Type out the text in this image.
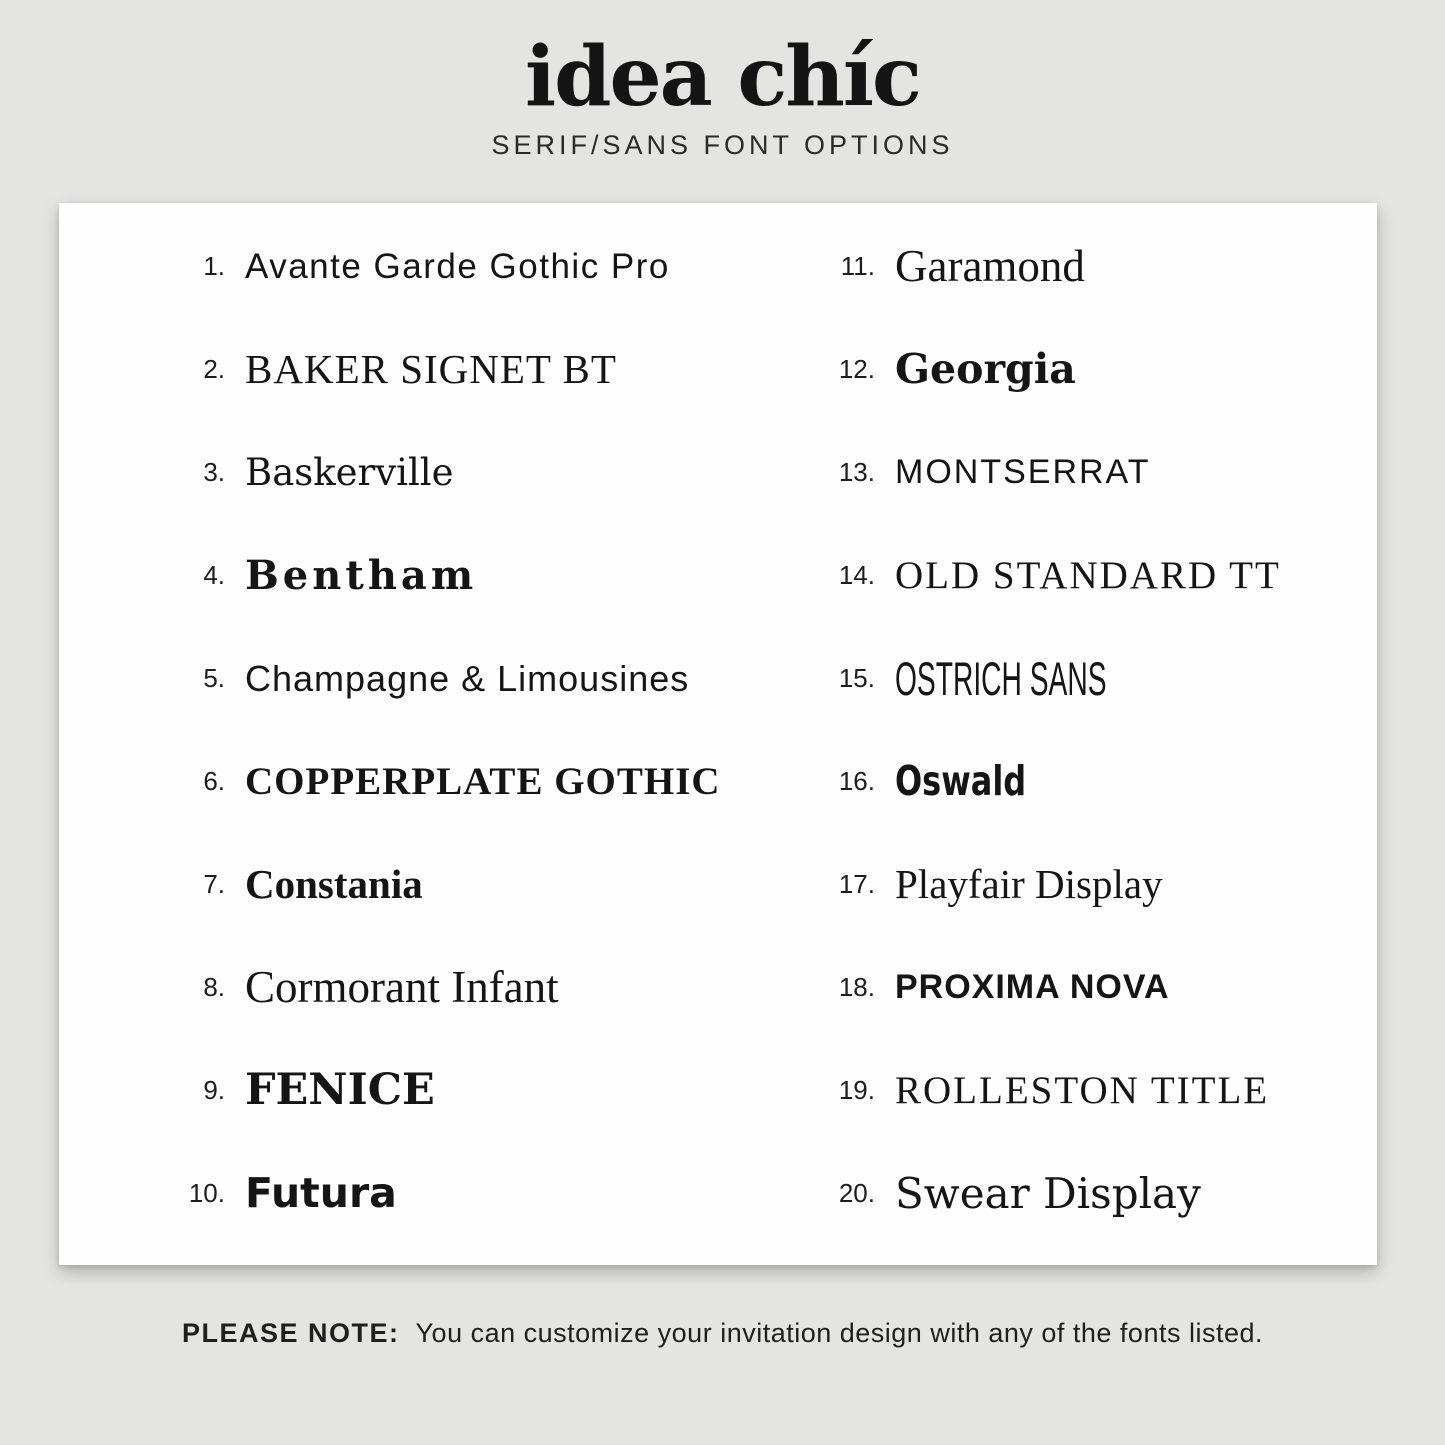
idea chíc
SERIF/SANS FONT OPTIONS
1. Avante Garde Gothic Pro
2. BAKER SIGNET BT
3. Baskerville
4. Bentham
5. Champagne & Limousines
6. COPPERPLATE GOTHIC
7. Constania
8. Cormorant Infant
9. FENICE
10. Futura
11. Garamond
12. Georgia
13. MONTSERRAT
14. OLD STANDARD TT
15. OSTRICH SANS
16. Oswald
17. Playfair Display
18. PROXIMA NOVA
19. ROLLESTON TITLE
20. Swear Display
PLEASE NOTE: You can customize your invitation design with any of the fonts listed.
